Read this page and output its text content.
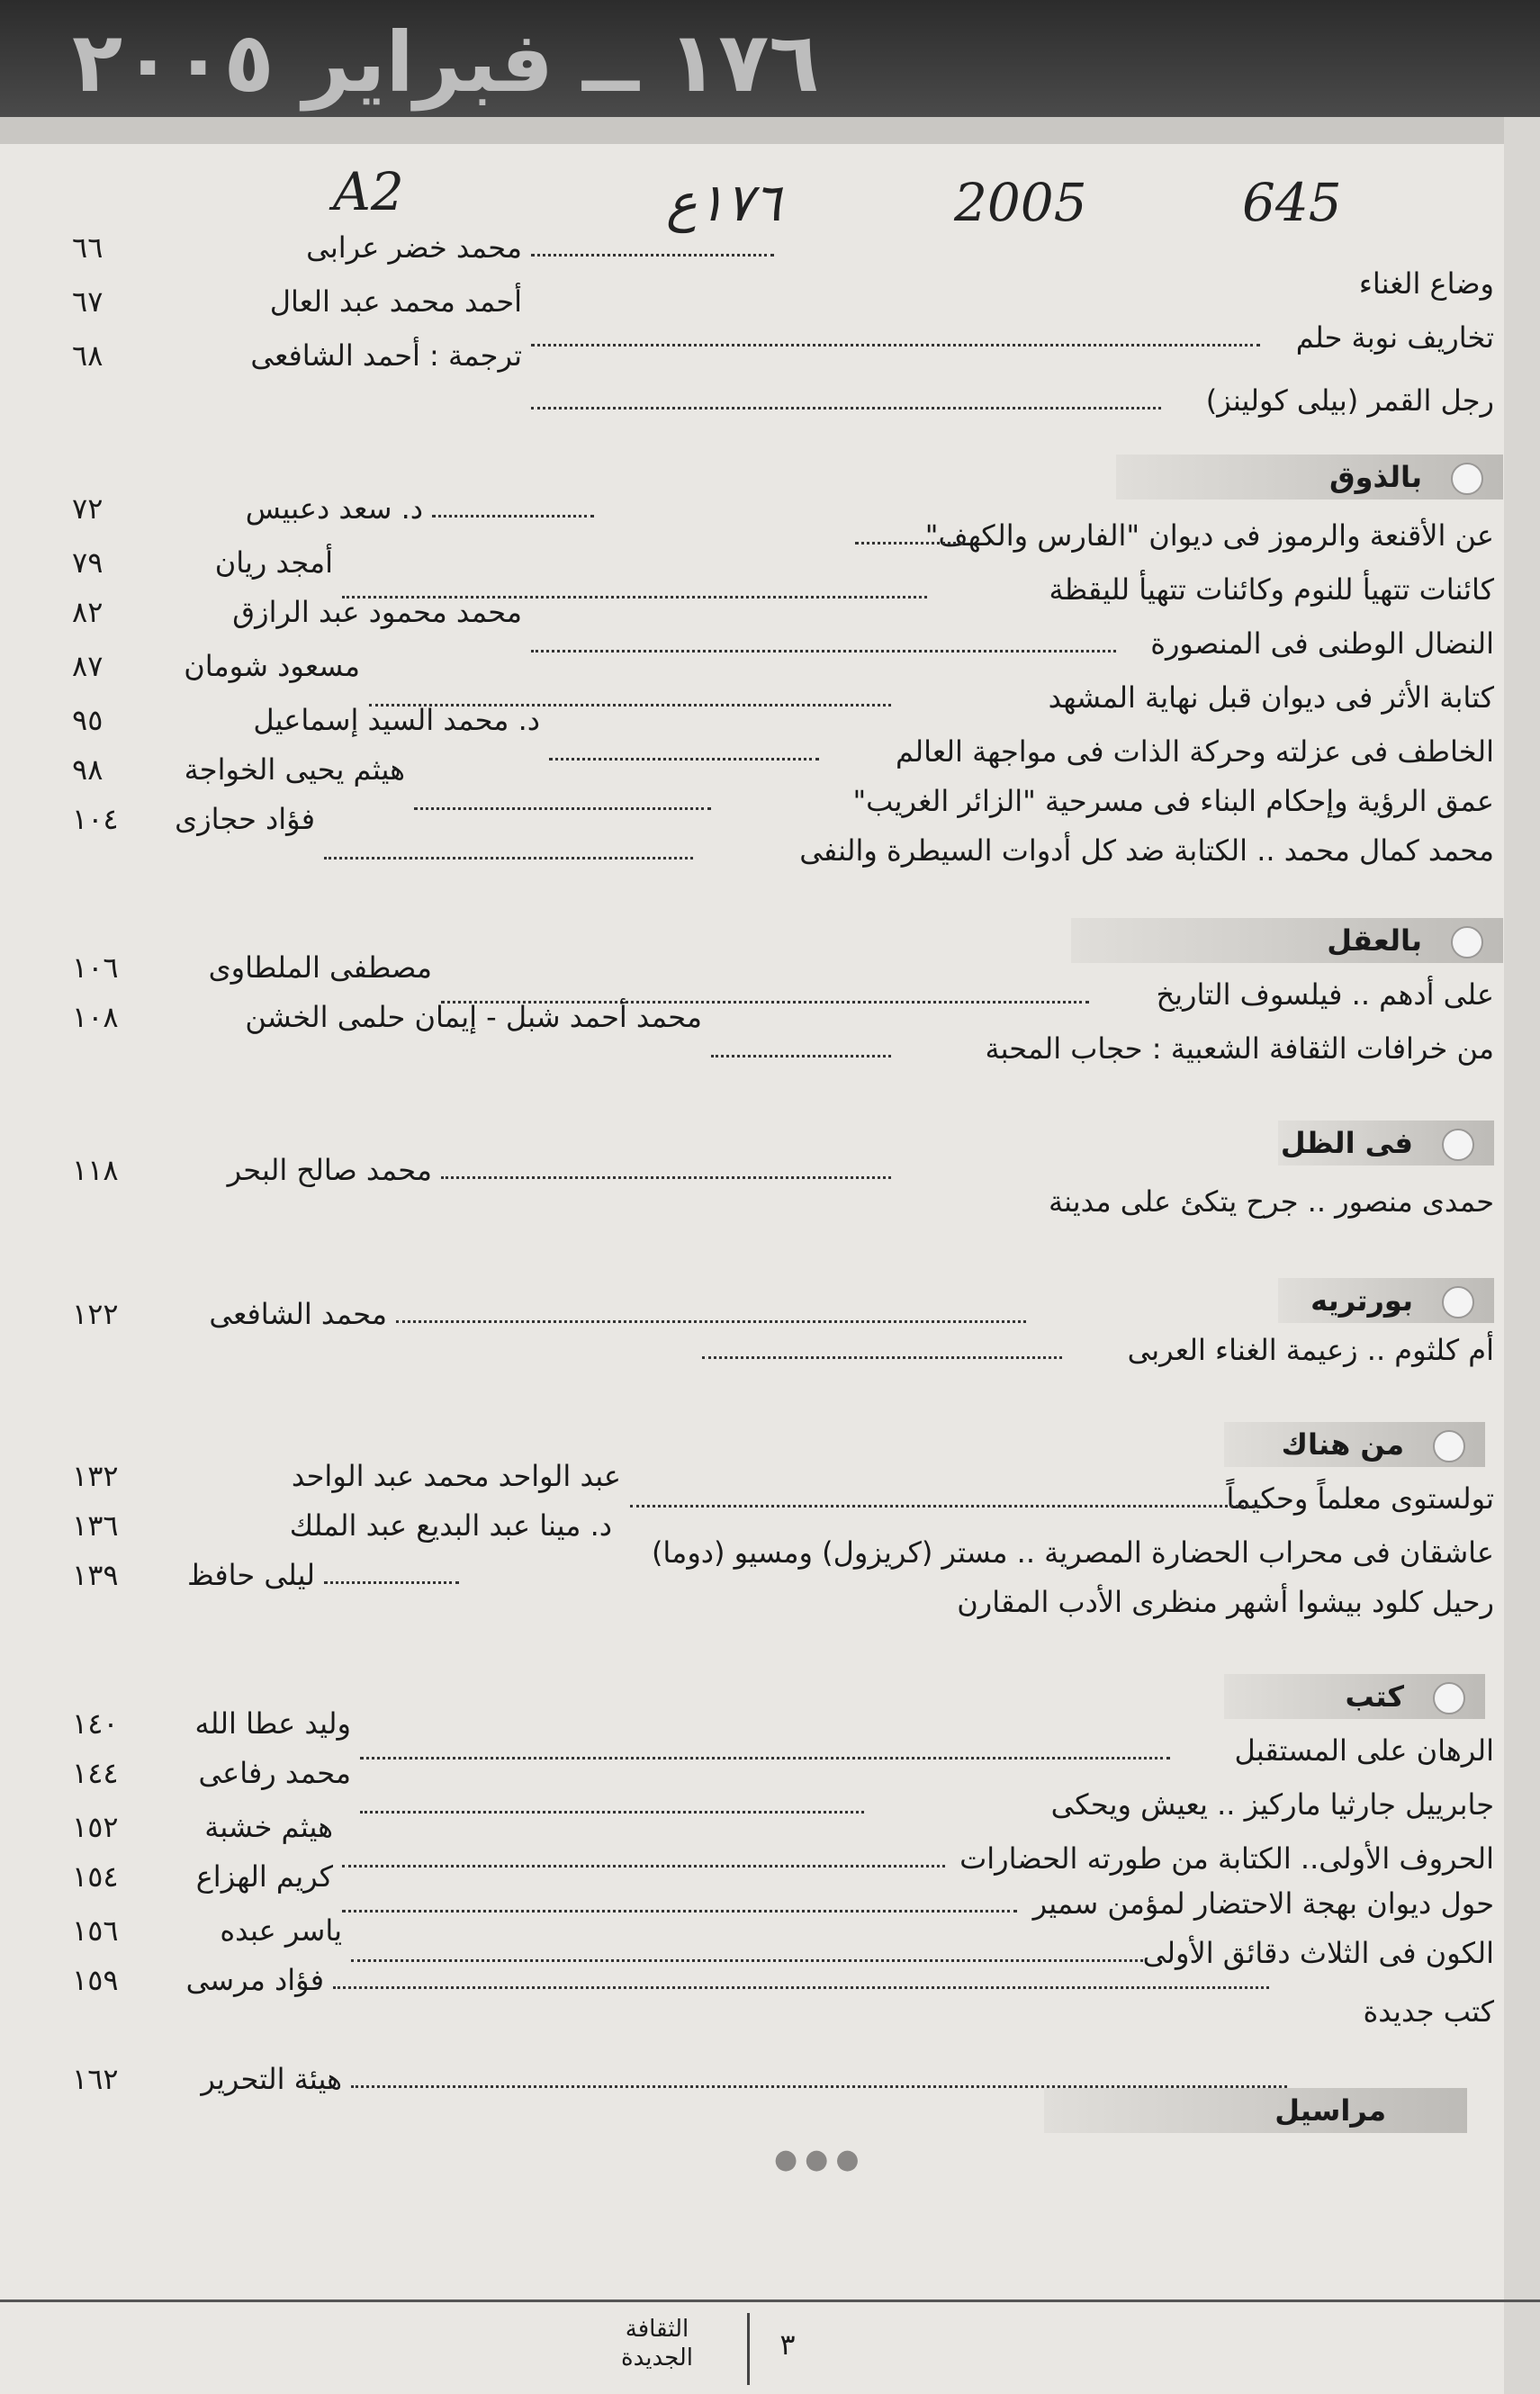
١٧٦ ــ فبراير ٢٠٠٥
A2	١٧٦ع	2005	645
٦٦	محمد خضر عرابى
وضاع الغناء
٦٧	أحمد محمد عبد العال
تخاريف نوبة حلم
٦٨	ترجمة : أحمد الشافعى
رجل القمر (بيلى كولينز)
بالذوق
٧٢	د. سعد دعبيس
عن الأقنعة والرموز فى ديوان "الفارس والكهف"
٧٩	أمجد ريان
كائنات تتهيأ للنوم وكائنات تتهيأ لليقظة
٨٢	محمد محمود عبد الرازق
النضال الوطنى فى المنصورة
٨٧	مسعود شومان
كتابة الأثر فى ديوان قبل نهاية المشهد
٩٥	د. محمد السيد إسماعيل
الخاطف فى عزلته وحركة الذات فى مواجهة العالم
٩٨	هيثم يحيى الخواجة
عمق الرؤية وإحكام البناء فى مسرحية "الزائر الغريب"
١٠٤	فؤاد حجازى
محمد كمال محمد .. الكتابة ضد كل أدوات السيطرة والنفى
بالعقل
١٠٦	مصطفى الملطاوى
على أدهم .. فيلسوف التاريخ
١٠٨	محمد أحمد شبل - إيمان حلمى الخشن
من خرافات الثقافة الشعبية : حجاب المحبة
فى الظل
١١٨	محمد صالح البحر
حمدى منصور .. جرح يتكئ على مدينة
بورتريه
١٢٢	محمد الشافعى
أم كلثوم .. زعيمة الغناء العربى
من هناك
١٣٢	عبد الواحد محمد عبد الواحد
تولستوى معلماً وحكيماً
١٣٦	د. مينا عبد البديع عبد الملك
عاشقان فى محراب الحضارة المصرية .. مستر (كريزول) ومسيو (دوما)
١٣٩	ليلى حافظ
رحيل كلود بيشوا أشهر منظرى الأدب المقارن
كتب
١٤٠	وليد عطا الله
الرهان على المستقبل
١٤٤	محمد رفاعى
جابرييل جارثيا ماركيز .. يعيش ويحكى
١٥٢	هيثم خشبة
الحروف الأولى.. الكتابة من طورته الحضارات
١٥٤	كريم الهزاع
حول ديوان بهجة الاحتضار لمؤمن سمير
١٥٦	ياسر عبده
الكون فى الثلاث دقائق الأولى
١٥٩	فؤاد مرسى
كتب جديدة
١٦٢	هيئة التحرير
مراسيل
●●●
الثقافة
الجديدة	٣
